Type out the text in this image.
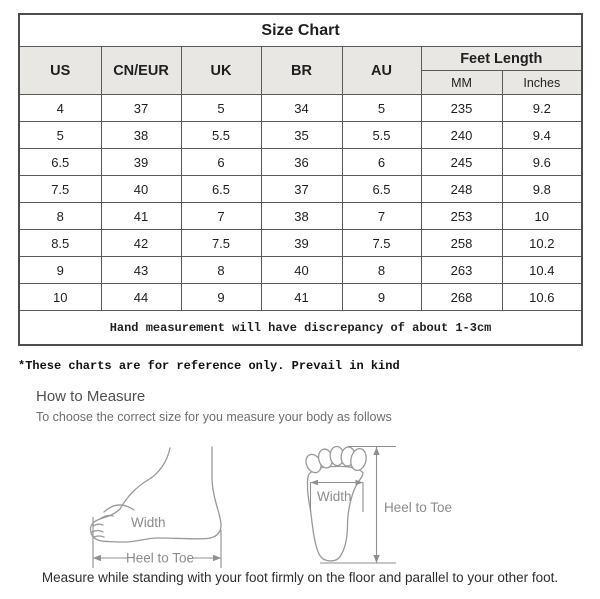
Size Chart						
US	CN/EUR	UK	BR	AU	Feet Length	
					MM	Inches
4	37	5	34	5	235	9.2
5	38	5.5	35	5.5	240	9.4
6.5	39	6	36	6	245	9.6
7.5	40	6.5	37	6.5	248	9.8
8	41	7	38	7	253	10
8.5	42	7.5	39	7.5	258	10.2
9	43	8	40	8	263	10.4
10	44	9	41	9	268	10.6
Hand measurement will have discrepancy of about 1-3cm						
*These charts are for reference only. Prevail in kind
How to Measure
To choose the correct size for you measure your body as follows
Width
Heel to Toe
Width
Heel to Toe
Measure while standing with your foot firmly on the floor and parallel to your other foot.
